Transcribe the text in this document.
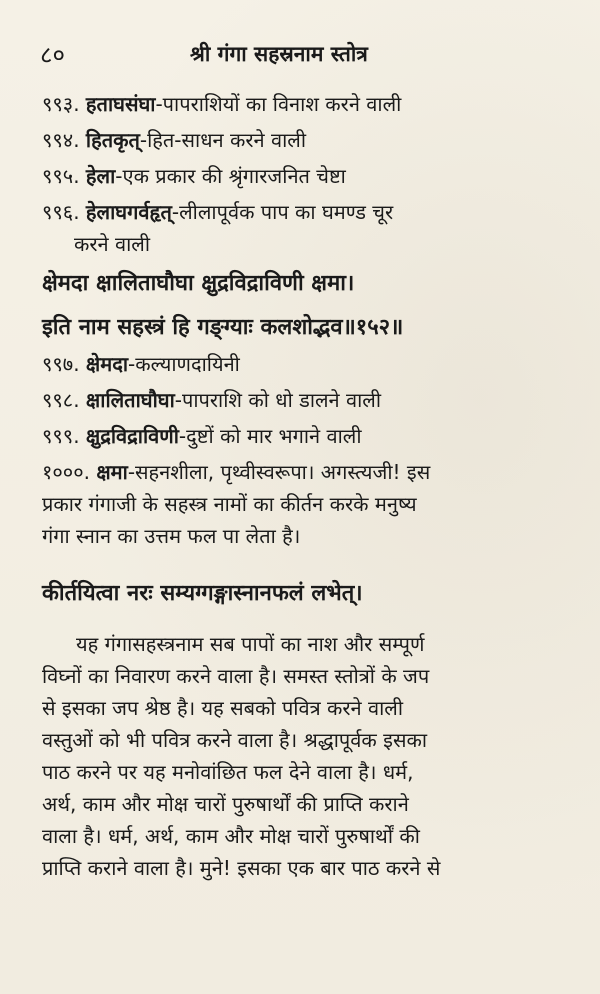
८०	श्री गंगा सहस्रनाम स्तोत्र
९९३. हताघसंघा-पापराशियों का विनाश करने वाली
९९४. हितकृत्-हित-साधन करने वाली
९९५. हेला-एक प्रकार की श्रृंगारजनित चेष्टा
९९६. हेलाघगर्वहृत्-लीलापूर्वक पाप का घमण्ड चूर
करने वाली
क्षेमदा क्षालिताघौघा क्षुद्रविद्राविणी क्षमा।
इति नाम सहस्त्रं हि गङ्ग्याः कलशोद्भव॥१५२॥
९९७. क्षेमदा-कल्याणदायिनी
९९८. क्षालिताघौघा-पापराशि को धो डालने वाली
९९९. क्षुद्रविद्राविणी-दुष्टों को मार भगाने वाली
१०००. क्षमा-सहनशीला, पृथ्वीस्वरूपा। अगस्त्यजी! इस
प्रकार गंगाजी के सहस्त्र नामों का कीर्तन करके मनुष्य
गंगा स्नान का उत्तम फल पा लेता है।
कीर्तयित्वा नरः सम्यग्गङ्गास्नानफलं लभेत्।
यह गंगासहस्त्रनाम सब पापों का नाश और सम्पूर्ण
विघ्नों का निवारण करने वाला है। समस्त स्तोत्रों के जप
से इसका जप श्रेष्ठ है। यह सबको पवित्र करने वाली
वस्तुओं को भी पवित्र करने वाला है। श्रद्धापूर्वक इसका
पाठ करने पर यह मनोवांछित फल देने वाला है। धर्म,
अर्थ, काम और मोक्ष चारों पुरुषार्थों की प्राप्ति कराने
वाला है। धर्म, अर्थ, काम और मोक्ष चारों पुरुषार्थों की
प्राप्ति कराने वाला है। मुने! इसका एक बार पाठ करने से
